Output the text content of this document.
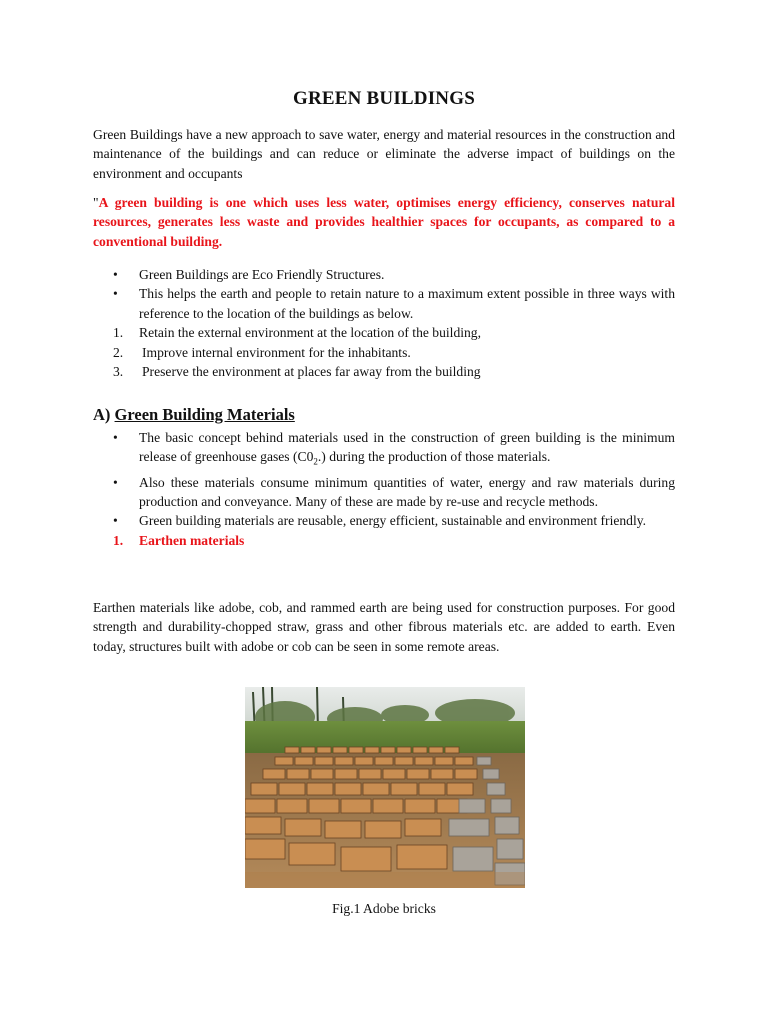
GREEN BUILDINGS
Green Buildings have a new approach to save water, energy and material resources in the construction and maintenance of the buildings and can reduce or eliminate the adverse impact of buildings on the environment and occupants
"A green building is one which uses less water, optimises energy efficiency, conserves natural resources, generates less waste and provides healthier spaces for occupants, as compared to a conventional building.
• Green Buildings are Eco Friendly Structures.
• This helps the earth and people to retain nature to a maximum extent possible in three ways with reference to the location of the buildings as below.
1. Retain the external environment at the location of the building,
2. Improve internal environment for the inhabitants.
3. Preserve the environment at places far away from the building
A) Green Building Materials
• The basic concept behind materials used in the construction of green building is the minimum release of greenhouse gases $(C0_2.)$ during the production of those materials.
• Also these materials consume minimum quantities of water, energy and raw materials during production and conveyance. Many of these are made by re-use and recycle methods.
• Green building materials are reusable, energy efficient, sustainable and environment friendly.
1. Earthen materials
Earthen materials like adobe, cob, and rammed earth are being used for construction purposes. For good strength and durability-chopped straw, grass and other fibrous materials etc. are added to earth. Even today, structures built with adobe or cob can be seen in some remote areas.
Fig.1 Adobe bricks
